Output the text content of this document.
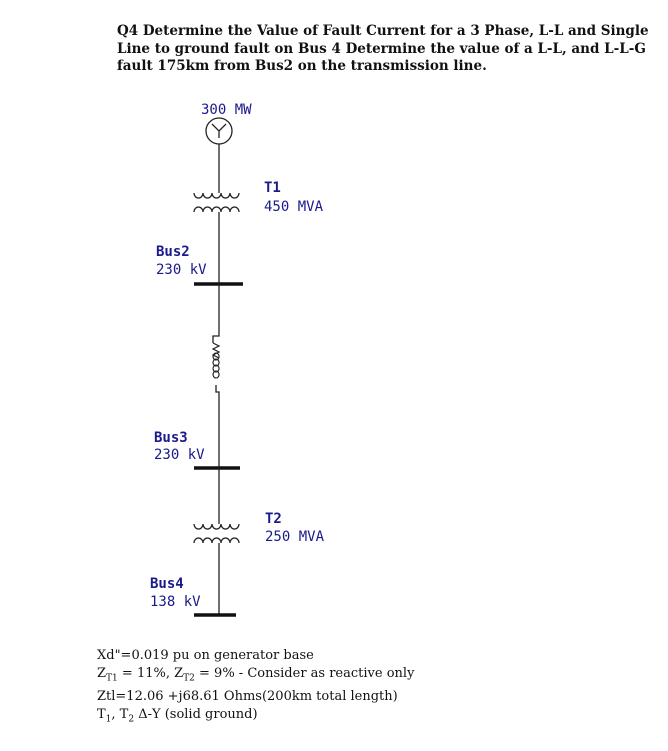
Q4 Determine the Value of Fault Current for a 3 Phase, L-L and Single
Line to ground fault on Bus 4 Determine the value of a L-L, and L-L-G
fault 175km from Bus2 on the transmission line.
300 MW
T1
450 MVA
Bus2
230 kV
Bus3
230 kV
T2
250 MVA
Bus4
138 kV
Xd"=0.019 pu on generator base
$Z_{T1} = 11\%$, $Z_{T2} = 9\%$ - Consider as reactive only
Ztl=12.06 +j68.61 Ohms(200km total length)
$T_1$, $T_2$ Δ-Y (solid ground)
